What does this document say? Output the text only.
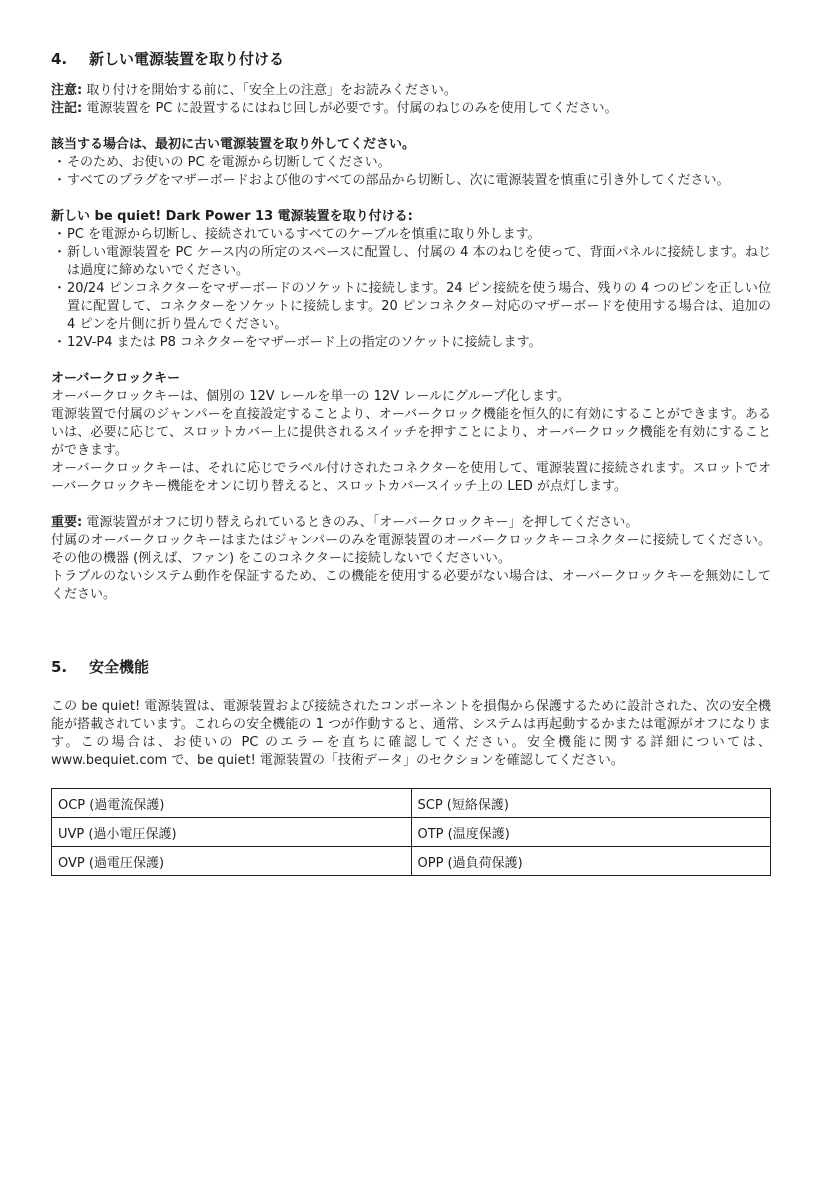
4.	新しい電源装置を取り付ける

注意: 取り付けを開始する前に、「安全上の注意」をお読みください。

注記: 電源装置を PC に設置するにはねじ回しが必要です。付属のねじのみを使用してください。

該当する場合は、最初に古い電源装置を取り外してください。

・ そのため、お使いの PC を電源から切断してください。
・ すべてのプラグをマザーボードおよび他のすべての部品から切断し、次に電源装置を慎重に引き外してください。

新しい be quiet! Dark Power 13 電源装置を取り付ける:

・ PC を電源から切断し、接続されているすべてのケーブルを慎重に取り外します。
・ 新しい電源装置を PC ケース内の所定のスペースに配置し、付属の 4 本のねじを使って、背面パネルに接続します。ねじは過度に締めないでください。
・ 20/24 ピンコネクターをマザーボードのソケットに接続します。24 ピン接続を使う場合、残りの 4 つのピンを正しい位置に配置して、コネクターをソケットに接続します。20 ピンコネクター対応のマザーボードを使用する場合は、追加の 4 ピンを片側に折り畳んでください。
・ 12V-P4 または P8 コネクターをマザーボード上の指定のソケットに接続します。

オーバークロックキー

オーバークロックキーは、個別の 12V レールを単一の 12V レールにグループ化します。

電源装置で付属のジャンパーを直接設定することより、オーバークロック機能を恒久的に有効にすることができます。あるいは、必要に応じて、スロットカバー上に提供されるスイッチを押すことにより、オーバークロック機能を有効にすることができます。

オーバークロックキーは、それに応じでラベル付けされたコネクターを使用して、電源装置に接続されます。スロットでオーバークロックキー機能をオンに切り替えると、スロットカバースイッチ上の LED が点灯します。

重要: 電源装置がオフに切り替えられているときのみ、「オーバークロックキー」を押してください。

付属のオーバークロックキーはまたはジャンパーのみを電源装置のオーバークロックキーコネクターに接続してください。その他の機器 (例えば、ファン) をこのコネクターに接続しないでくださいい。

トラブルのないシステム動作を保証するため、この機能を使用する必要がない場合は、オーバークロックキーを無効にしてください。

5.	安全機能

この be quiet! 電源装置は、電源装置および接続されたコンポーネントを損傷から保護するために設計された、次の安全機能が搭載されています。これらの安全機能の 1 つが作動すると、通常、システムは再起動するかまたは電源がオフになります。この場合は、お使いの PC のエラーを直ちに確認してください。安全機能に関する詳細については、www.bequiet.com で、be quiet! 電源装置の「技術データ」のセクションを確認してください。

OCP (過電流保護)	SCP (短絡保護)
UVP (過小電圧保護)	OTP (温度保護)
OVP (過電圧保護)	OPP (過負荷保護)
